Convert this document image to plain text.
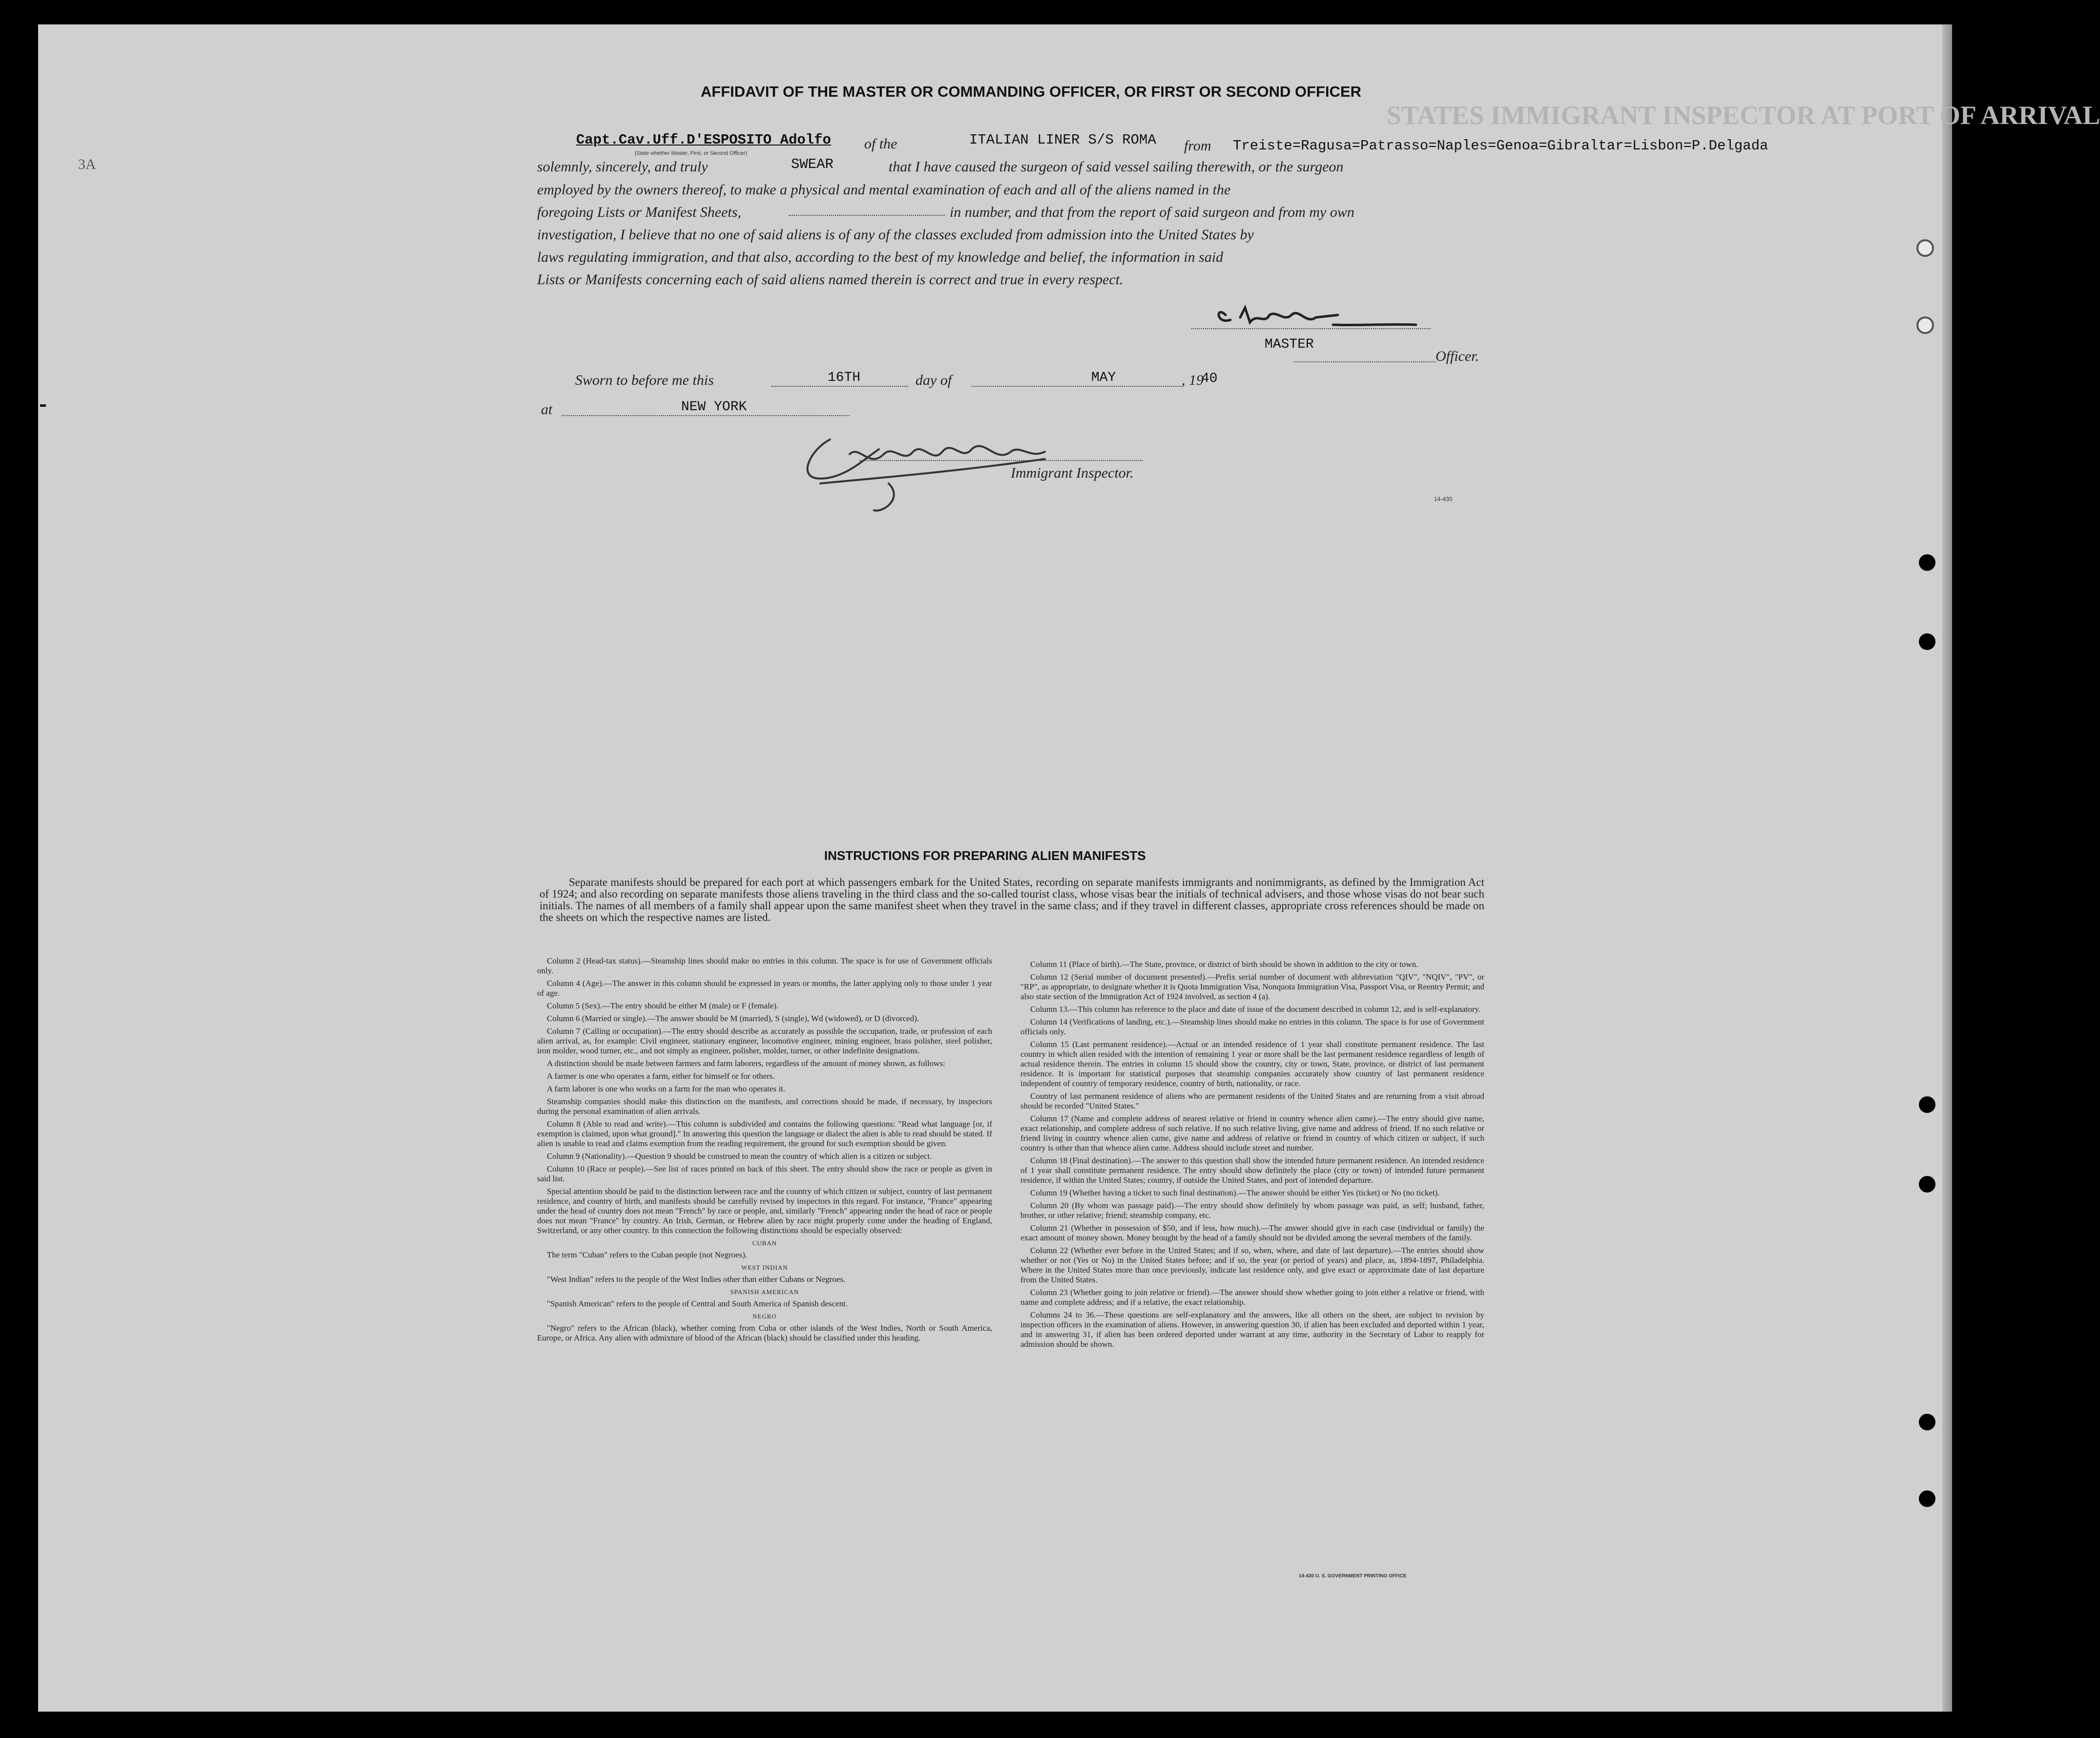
STATES IMMIGRANT INSPECTOR AT PORT OF ARRIVAL
3A
AFFIDAVIT OF THE MASTER OR COMMANDING OFFICER, OR FIRST OR SECOND OFFICER
Capt.Cav.Uff.D'ESPOSITO Adolfo
(State whether Master, First, or Second Officer)
of the	ITALIAN LINER S/S ROMA from Treiste=Ragusa=Patrasso=Naples=Genoa=Gibraltar=Lisbon=P.Delgada
solemnly, sincerely, and truly	SWEAR	that I have caused the surgeon of said vessel sailing therewith, or the surgeon
employed by the owners thereof, to make a physical and mental examination of each and all of the aliens named in the
foregoing Lists or Manifest Sheets,	in number, and that from the report of said surgeon and from my own
investigation, I believe that no one of said aliens is of any of the classes excluded from admission into the United States by
laws regulating immigration, and that also, according to the best of my knowledge and belief, the information in said
Lists or Manifests concerning each of said aliens named therein is correct and true in every respect.
MASTER
Officer.
Sworn to before me this	16TH	day of	MAY	, 19
40
at	NEW YORK
Immigrant Inspector.
14-430
INSTRUCTIONS FOR PREPARING ALIEN MANIFESTS

Separate manifests should be prepared for each port at which passengers embark for the United States, recording on separate manifests immigrants and nonimmigrants, as defined by the Immigration Act of 1924; and also recording on separate manifests those aliens traveling in the third class and the so-called tourist class, whose visas bear the initials of technical advisers, and those whose visas do not bear such initials. The names of all members of a family shall appear upon the same manifest sheet when they travel in the same class; and if they travel in different classes, appropriate cross references should be made on the sheets on which the respective names are listed.

Column 2 (Head-tax status).—Steamship lines should make no entries in this column. The space is for use of Government officials only.

Column 4 (Age).—The answer in this column should be expressed in years or months, the latter applying only to those under 1 year of age.

Column 5 (Sex).—The entry should be either M (male) or F (female).

Column 6 (Married or single).—The answer should be M (married), S (single), Wd (widowed), or D (divorced).

Column 7 (Calling or occupation).—The entry should describe as accurately as possible the occupation, trade, or profession of each alien arrival, as, for example: Civil engineer, stationary engineer, locomotive engineer, mining engineer, brass polisher, steel polisher, iron molder, wood turner, etc., and not simply as engineer, polisher, molder, turner, or other indefinite designations.

A distinction should be made between farmers and farm laborers, regardless of the amount of money shown, as follows:

A farmer is one who operates a farm, either for himself or for others.

A farm laborer is one who works on a farm for the man who operates it.

Steamship companies should make this distinction on the manifests, and corrections should be made, if necessary, by inspectors during the personal examination of alien arrivals.

Column 8 (Able to read and write).—This column is subdivided and contains the following questions: "Read what language [or, if exemption is claimed, upon what ground]." In answering this question the language or dialect the alien is able to read should be stated. If alien is unable to read and claims exemption from the reading requirement, the ground for such exemption should be given.

Column 9 (Nationality).—Question 9 should be construed to mean the country of which alien is a citizen or subject.

Column 10 (Race or people).—See list of races printed on back of this sheet. The entry should show the race or people as given in said list.

Special attention should be paid to the distinction between race and the country of which citizen or subject, country of last permanent residence, and country of birth, and manifests should be carefully revised by inspectors in this regard. For instance, "France" appearing under the head of country does not mean "French" by race or people, and, similarly "French" appearing under the head of race or people does not mean "France" by country. An Irish, German, or Hebrew alien by race might properly come under the heading of England, Switzerland, or any other country. In this connection the following distinctions should be especially observed:

CUBAN

The term "Cuban" refers to the Cuban people (not Negroes).

WEST INDIAN

"West Indian" refers to the people of the West Indies other than either Cubans or Negroes.

SPANISH AMERICAN

"Spanish American" refers to the people of Central and South America of Spanish descent.

NEGRO

"Negro" refers to the African (black), whether coming from Cuba or other islands of the West Indies, North or South America, Europe, or Africa. Any alien with admixture of blood of the African (black) should be classified under this heading.

Column 11 (Place of birth).—The State, province, or district of birth should be shown in addition to the city or town.

Column 12 (Serial number of document presented).—Prefix serial number of document with abbreviation "QIV", "NQIV", "PV", or "RP", as appropriate, to designate whether it is Quota Immigration Visa, Nonquota Immigration Visa, Passport Visa, or Reentry Permit; and also state section of the Immigration Act of 1924 involved, as section 4 (a).

Column 13.—This column has reference to the place and date of issue of the document described in column 12, and is self-explanatory.

Column 14 (Verifications of landing, etc.).—Steamship lines should make no entries in this column. The space is for use of Government officials only.

Column 15 (Last permanent residence).—Actual or an intended residence of 1 year shall constitute permanent residence. The last country in which alien resided with the intention of remaining 1 year or more shall be the last permanent residence regardless of length of actual residence therein. The entries in column 15 should show the country, city or town, State, province, or district of last permanent residence. It is important for statistical purposes that steamship companies accurately show country of last permanent residence independent of country of temporary residence, country of birth, nationality, or race.

Country of last permanent residence of aliens who are permanent residents of the United States and are returning from a visit abroad should be recorded "United States."

Column 17 (Name and complete address of nearest relative or friend in country whence alien came).—The entry should give name, exact relationship, and complete address of such relative. If no such relative living, give name and address of friend. If no such relative or friend living in country whence alien came, give name and address of relative or friend in country of which citizen or subject, if such country is other than that whence alien came. Address should include street and number.

Column 18 (Final destination).—The answer to this question shall show the intended future permanent residence. An intended residence of 1 year shall constitute permanent residence. The entry should show definitely the place (city or town) of intended future permanent residence, if within the United States; country, if outside the United States, and port of intended departure.

Column 19 (Whether having a ticket to such final destination).—The answer should be either Yes (ticket) or No (no ticket).

Column 20 (By whom was passage paid).—The entry should show definitely by whom passage was paid, as self; husband, father, brother, or other relative; friend; steamship company, etc.

Column 21 (Whether in possession of $50, and if less, how much).—The answer should give in each case (individual or family) the exact amount of money shown. Money brought by the head of a family should not be divided among the several members of the family.

Column 22 (Whether ever before in the United States; and if so, when, where, and date of last departure).—The entries should show whether or not (Yes or No) in the United States before; and if so, the year (or period of years) and place, as, 1894-1897, Philadelphia. Where in the United States more than once previously, indicate last residence only, and give exact or approximate date of last departure from the United States.

Column 23 (Whether going to join relative or friend).—The answer should show whether going to join either a relative or friend, with name and complete address; and if a relative, the exact relationship.

Columns 24 to 36.—These questions are self-explanatory and the answers, like all others on the sheet, are subject to revision by inspection officers in the examination of aliens. However, in answering question 30, if alien has been excluded and deported within 1 year, and in answering 31, if alien has been ordered deported under warrant at any time, authority in the Secretary of Labor to reapply for admission should be shown.

14-430 U. S. GOVERNMENT PRINTING OFFICE
